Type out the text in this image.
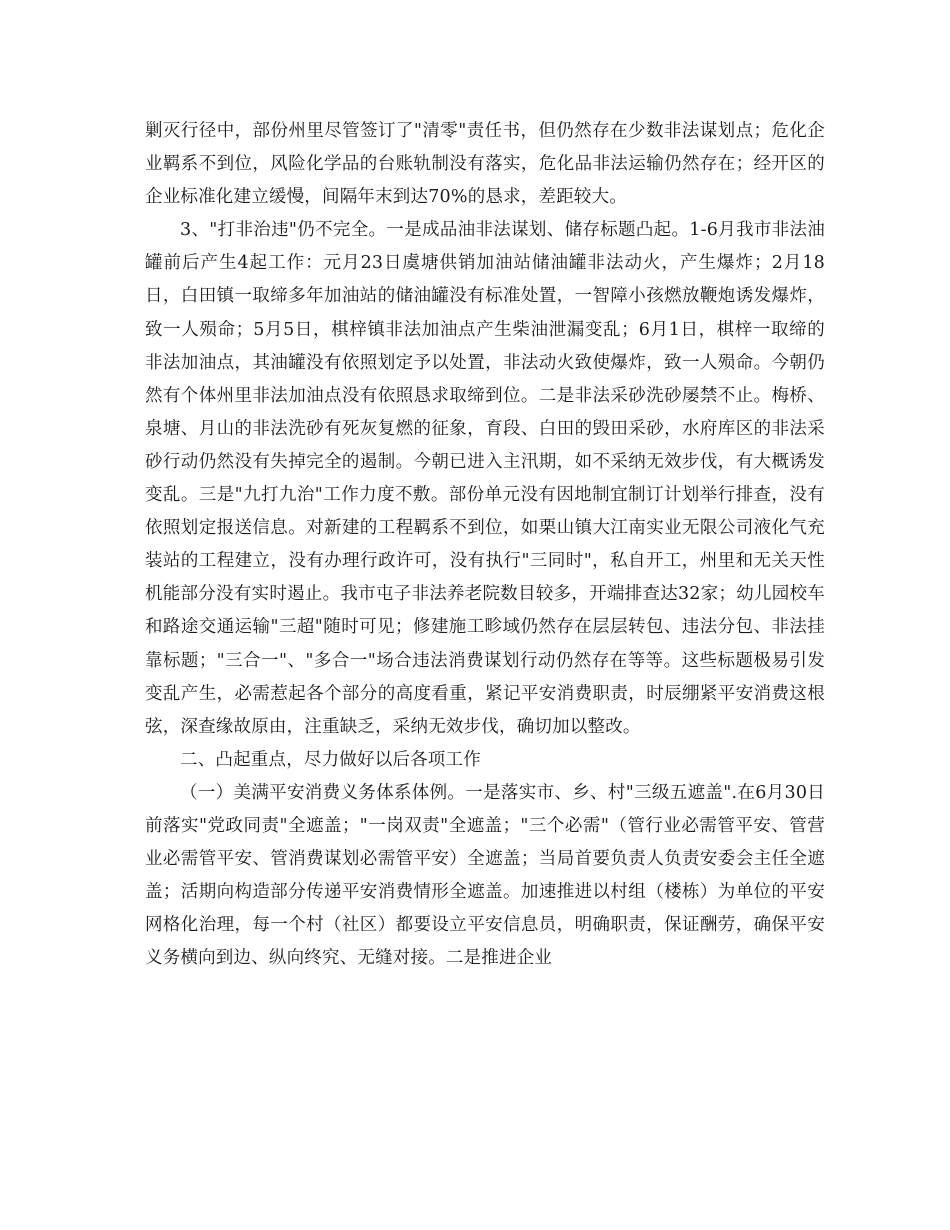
剿灭行径中，部份州里尽管签订了"清零"责任书，但仍然存在少数非法谋划点；危化企业羁系不到位，风险化学品的台账轨制没有落实，危化品非法运输仍然存在；经开区的企业标准化建立缓慢，间隔年末到达70%的恳求，差距较大。

3、"打非治违"仍不完全。一是成品油非法谋划、储存标题凸起。1-6月我市非法油罐前后产生4起工作：元月23日虞塘供销加油站储油罐非法动火，产生爆炸；2月18日，白田镇一取缔多年加油站的储油罐没有标准处置，一智障小孩燃放鞭炮诱发爆炸，致一人殒命；5月5日，棋梓镇非法加油点产生柴油泄漏变乱；6月1日，棋梓一取缔的非法加油点，其油罐没有依照划定予以处置，非法动火致使爆炸，致一人殒命。今朝仍然有个体州里非法加油点没有依照恳求取缔到位。二是非法采砂洗砂屡禁不止。梅桥、泉塘、月山的非法洗砂有死灰复燃的征象，育段、白田的毁田采砂，水府库区的非法采砂行动仍然没有失掉完全的遏制。今朝已进入主汛期，如不采纳无效步伐，有大概诱发变乱。三是"九打九治"工作力度不敷。部份单元没有因地制宜制订计划举行排查，没有依照划定报送信息。对新建的工程羁系不到位，如栗山镇大江南实业无限公司液化气充装站的工程建立，没有办理行政许可，没有执行"三同时"，私自开工，州里和无关天性机能部分没有实时遏止。我市屯子非法养老院数目较多，开端排查达32家；幼儿园校车和路途交通运输"三超"随时可见；修建施工畛域仍然存在层层转包、违法分包、非法挂靠标题；"三合一"、"多合一"场合违法消费谋划行动仍然存在等等。这些标题极易引发变乱产生，必需惹起各个部分的高度看重，紧记平安消费职责，时辰绷紧平安消费这根弦，深查缘故原由，注重缺乏，采纳无效步伐，确切加以整改。

二、凸起重点，尽力做好以后各项工作

（一）美满平安消费义务体系体例。一是落实市、乡、村"三级五遮盖".在6月30日前落实"党政同责"全遮盖；"一岗双责"全遮盖；"三个必需"（管行业必需管平安、管营业必需管平安、管消费谋划必需管平安）全遮盖；当局首要负责人负责安委会主任全遮盖；活期向构造部分传递平安消费情形全遮盖。加速推进以村组（楼栋）为单位的平安网格化治理，每一个村（社区）都要设立平安信息员，明确职责，保证酬劳，确保平安义务横向到边、纵向终究、无缝对接。二是推进企业
